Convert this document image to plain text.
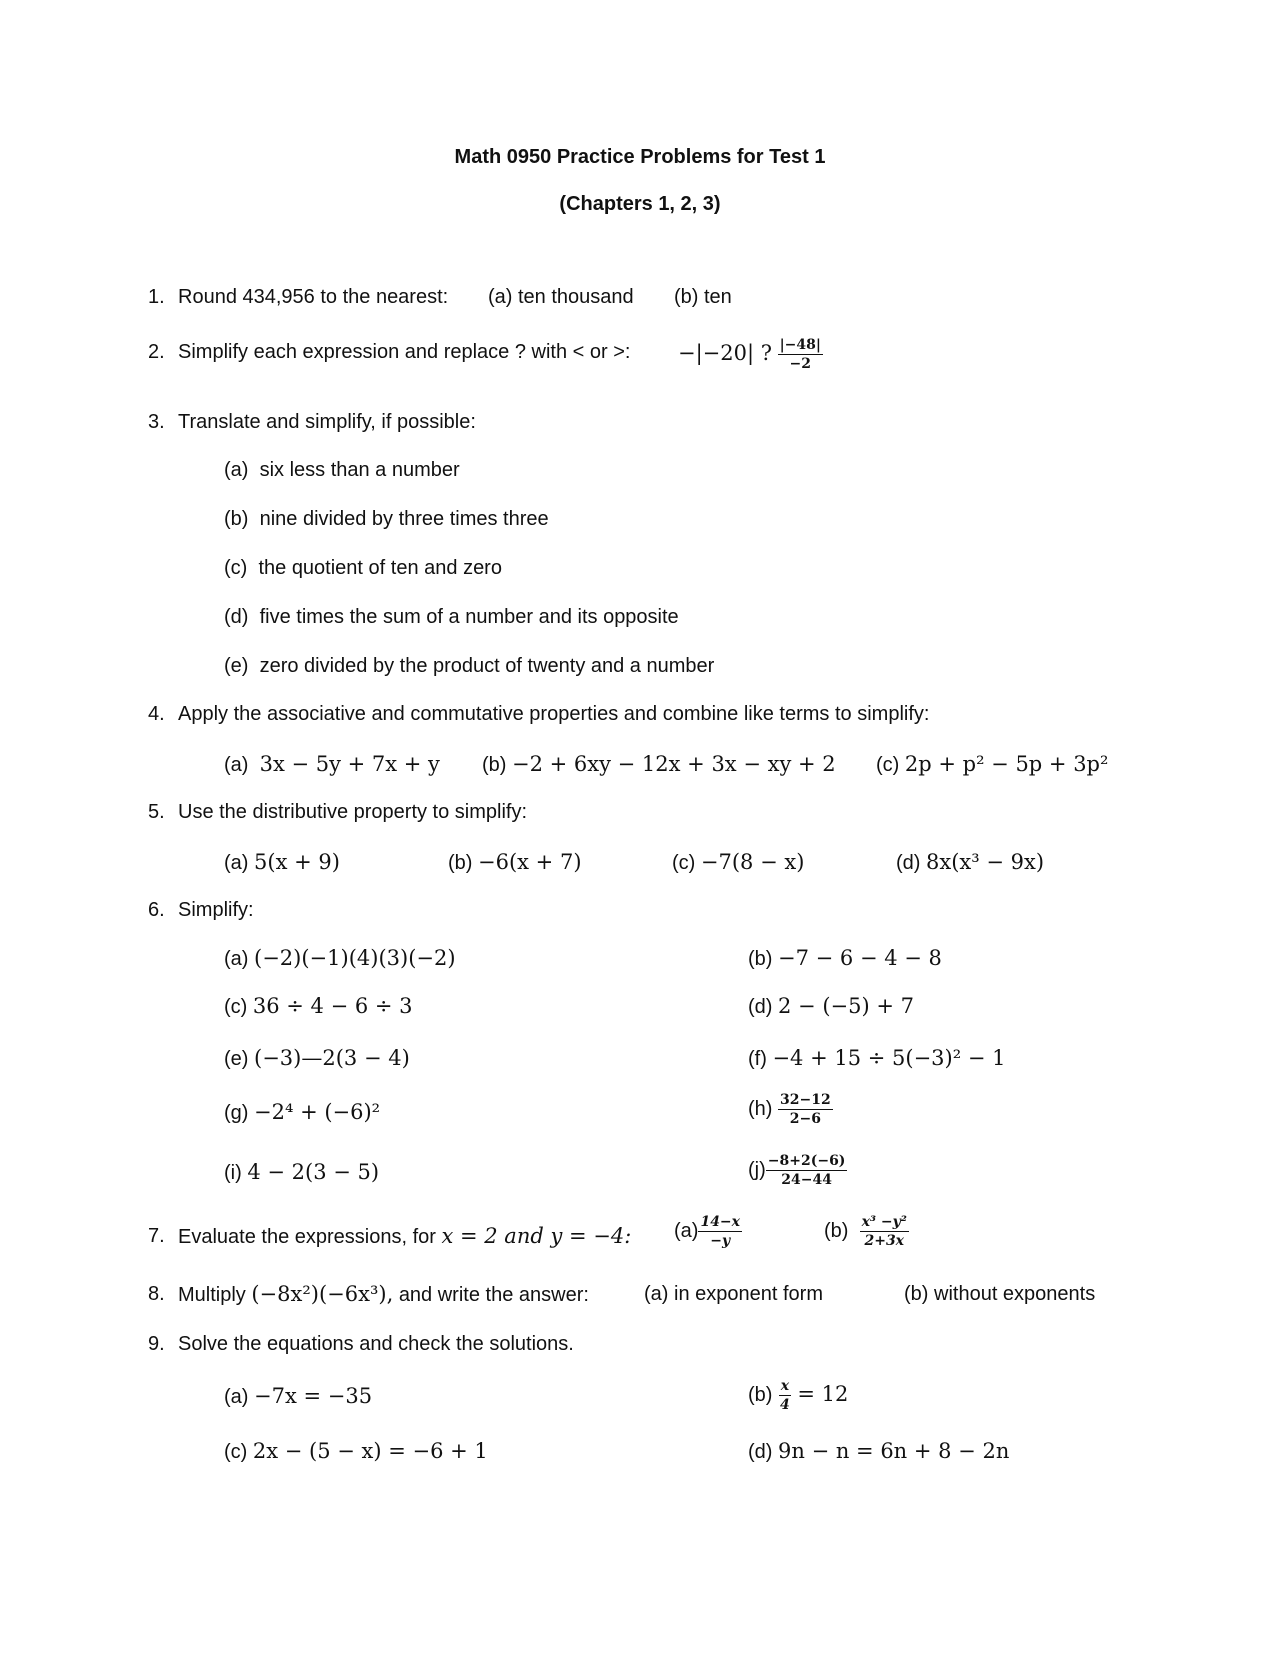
Math 0950 Practice Problems for Test 1
(Chapters 1, 2, 3)
1. Round 434,956 to the nearest: (a) ten thousand (b) ten
2. Simplify each expression and replace ? with < or >: −|−20| ? $\frac{|-48|}{-2}$
3. Translate and simplify, if possible:
(a) six less than a number
(b) nine divided by three times three
(c) the quotient of ten and zero
(d) five times the sum of a number and its opposite
(e) zero divided by the product of twenty and a number
4. Apply the associative and commutative properties and combine like terms to simplify:
(a) 3x − 5y + 7x + y (b) −2 + 6xy − 12x + 3x − xy + 2 (c) 2p + p² − 5p + 3p²
5. Use the distributive property to simplify:
(a) 5(x + 9)	(b) −6(x + 7)	(c) −7(8 − x)	(d) 8x(x³ − 9x)
6. Simplify:
(a) (−2)(−1)(4)(3)(−2)	(b) −7 − 6 − 4 − 8
(c) 36 ÷ 4 − 6 ÷ 3	(d) 2 − (−5) + 7
(e) (−3)—2(3 − 4)	(f) −4 + 15 ÷ 5(−3)² − 1
(g) −2⁴ + (−6)²	$(h) \frac{32-12}{2-6}$
(i) 4 − 2(3 − 5)	$(j) \frac{-8+2(-6)}{24-44}$
7. Evaluate the expressions, for x = 2 and y = −4: $(a) \frac{14-x}{-y}$	$(b) \frac{\text{x³ −y²}}{2+3x}$
8. Multiply (−8x²)(−6x³), and write the answer:	(a) in exponent form	(b) without exponents
9. Solve the equations and check the solutions.
(a) −7x = −35	$(b) \frac{x}{4} = 12$
(c) 2x − (5 − x) = −6 + 1	(d) 9n − n = 6n + 8 − 2n
